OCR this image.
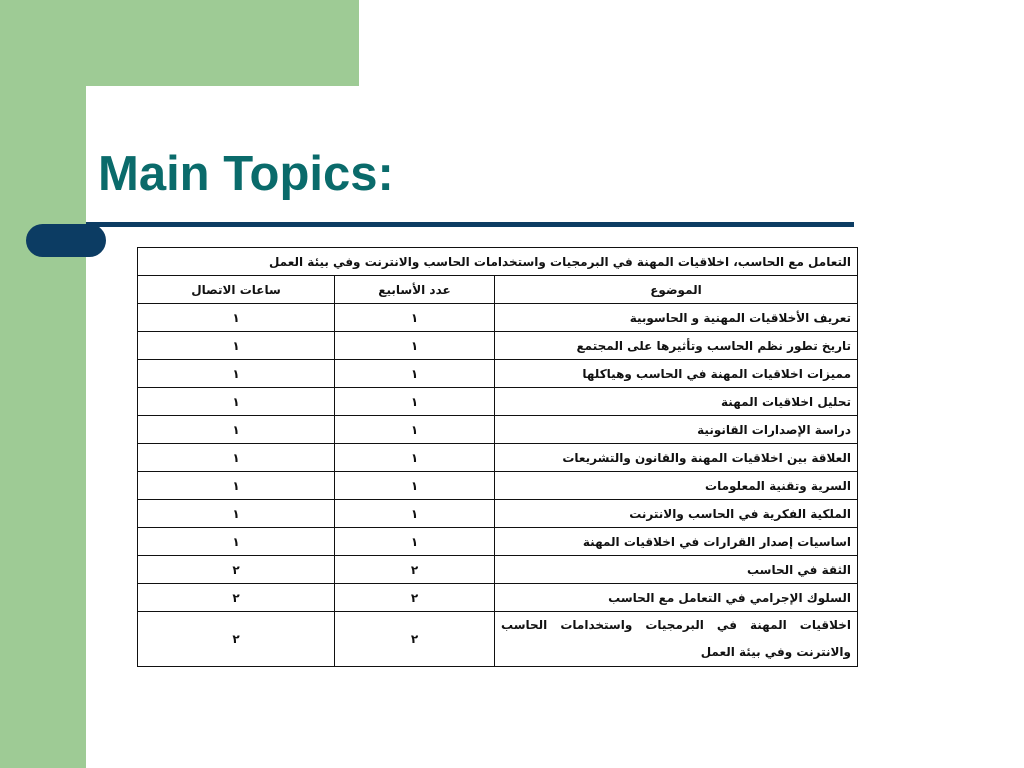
Main Topics:
التعامل مع الحاسب، اخلاقيات المهنة في البرمجيات واستخدامات الحاسب والانترنت وفي بيئة العمل		
ساعات الاتصال	عدد الأسابيع	الموضوع
١	١	تعريف الأخلاقيات المهنية و الحاسوبية
١	١	تاريخ تطور نظم الحاسب وتأثيرها على المجتمع
١	١	مميزات اخلاقيات المهنة في الحاسب وهياكلها
١	١	تحليل اخلاقيات المهنة
١	١	دراسة الإصدارات القانونية
١	١	العلاقة بين اخلاقيات المهنة والقانون والتشريعات
١	١	السرية وتقنية المعلومات
١	١	الملكية الفكرية في الحاسب والانترنت
١	١	اساسيات إصدار القرارات في اخلاقيات المهنة
٢	٢	الثقة في الحاسب
٢	٢	السلوك الإجرامي في التعامل مع الحاسب
٢	٢	اخلاقيات المهنة في البرمجيات واستخدامات الحاسب والانترنت وفي بيئة العمل
